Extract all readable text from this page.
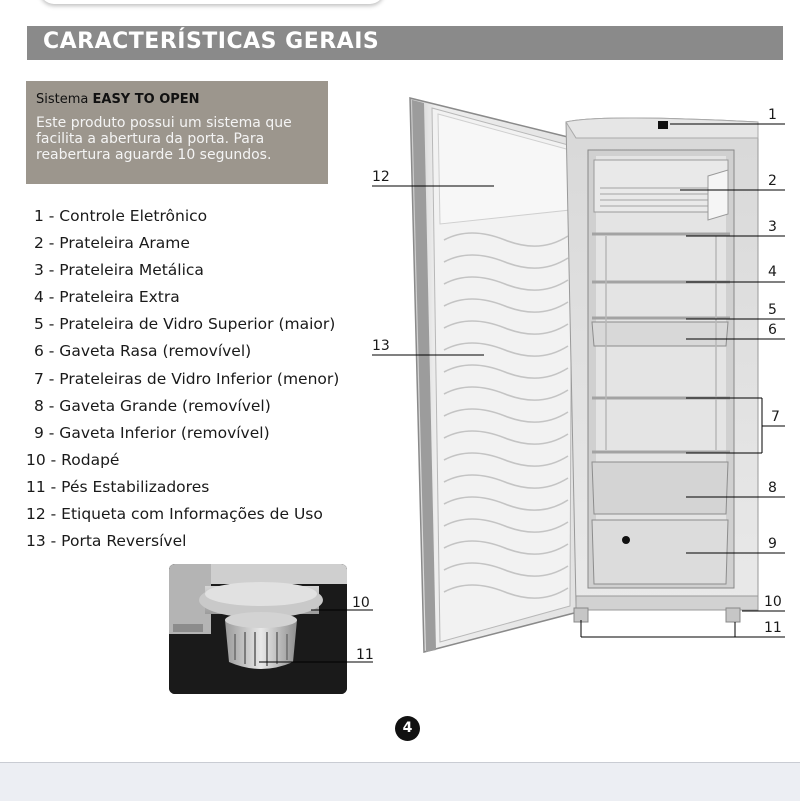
CARACTERÍSTICAS GERAIS
Sistema EASY TO OPEN
Este produto possui um sistema que
facilita a abertura da porta. Para
reabertura aguarde 10 segundos.
1 - Controle Eletrônico
2 - Prateleira Arame
3 - Prateleira Metálica
4 - Prateleira Extra
5 - Prateleira de Vidro Superior (maior)
6 - Gaveta Rasa (removível)
7 - Prateleiras de Vidro Inferior (menor)
8 - Gaveta Grande (removível)
9 - Gaveta Inferior (removível)
10 - Rodapé
11 - Pés Estabilizadores
12 - Etiqueta com Informações de Uso
13 - Porta Reversível
10
11
1
2
3
4
5
6
7
8
9
10
11
12
13
4
